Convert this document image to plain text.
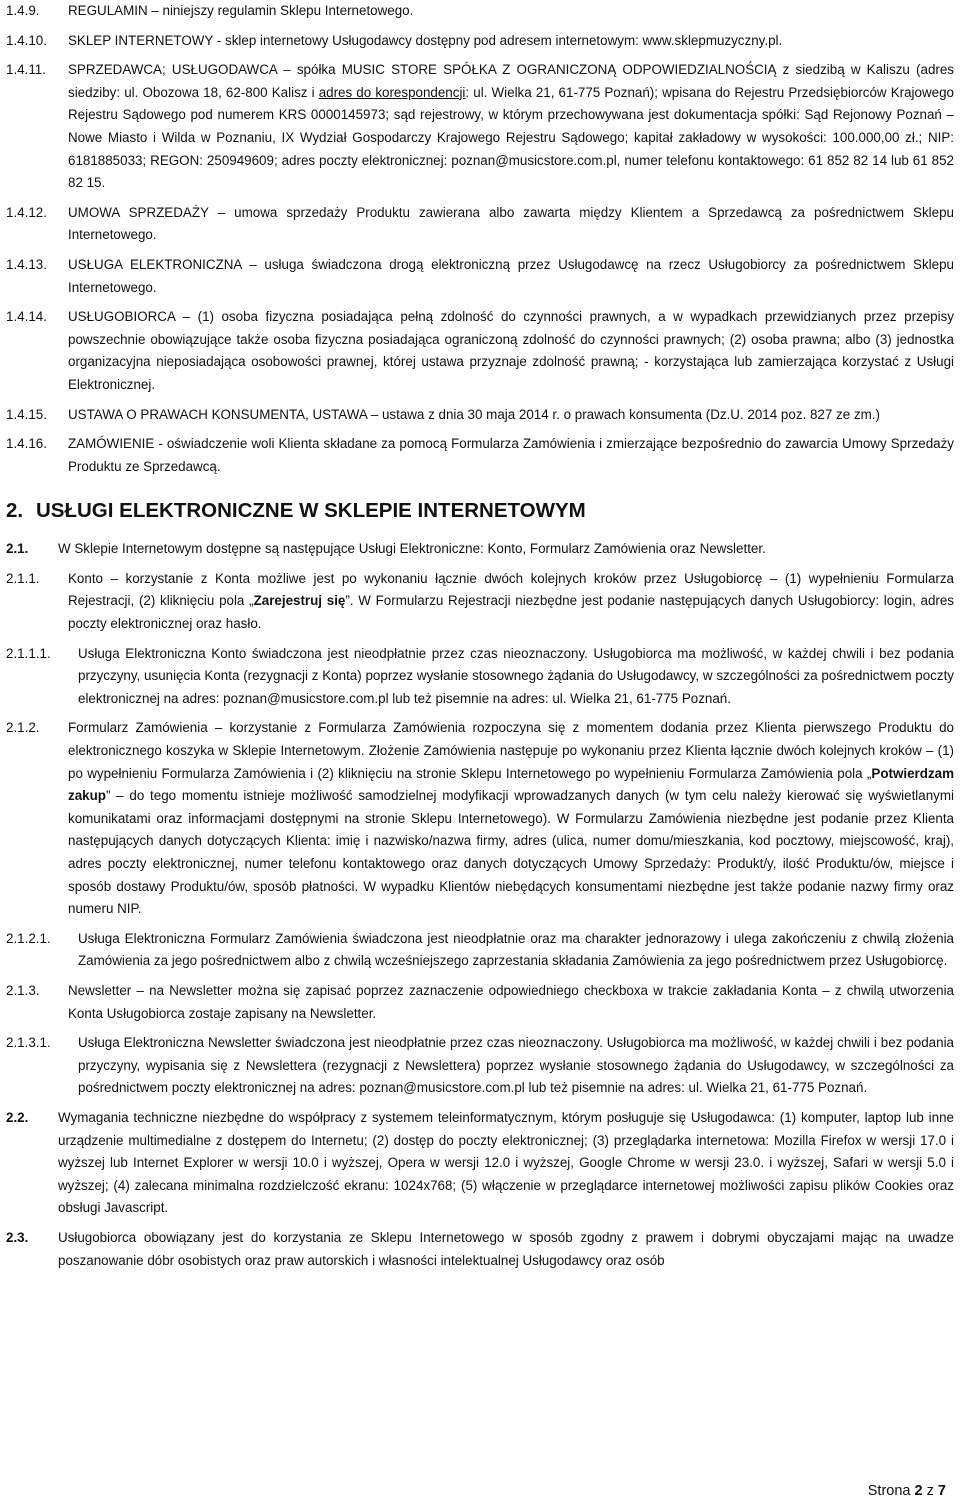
1.4.9.	REGULAMIN – niniejszy regulamin Sklepu Internetowego.
1.4.10.	SKLEP INTERNETOWY - sklep internetowy Usługodawcy dostępny pod adresem internetowym: www.sklepmuzyczny.pl.
1.4.11.	SPRZEDAWCA; USŁUGODAWCA – spółka MUSIC STORE SPÓŁKA Z OGRANICZONĄ ODPOWIEDZIALNOŚCIĄ z siedzibą w Kaliszu (adres siedziby: ul. Obozowa 18, 62-800 Kalisz i adres do korespondencji: ul. Wielka 21, 61-775 Poznań); wpisana do Rejestru Przedsiębiorców Krajowego Rejestru Sądowego pod numerem KRS 0000145973; sąd rejestrowy, w którym przechowywana jest dokumentacja spółki: Sąd Rejonowy Poznań – Nowe Miasto i Wilda w Poznaniu, IX Wydział Gospodarczy Krajowego Rejestru Sądowego; kapitał zakładowy w wysokości: 100.000,00 zł.; NIP: 6181885033; REGON: 250949609; adres poczty elektronicznej: poznan@musicstore.com.pl, numer telefonu kontaktowego: 61 852 82 14 lub 61 852 82 15.
1.4.12.	UMOWA SPRZEDAŻY – umowa sprzedaży Produktu zawierana albo zawarta między Klientem a Sprzedawcą za pośrednictwem Sklepu Internetowego.
1.4.13.	USŁUGA ELEKTRONICZNA – usługa świadczona drogą elektroniczną przez Usługodawcę na rzecz Usługobiorcy za pośrednictwem Sklepu Internetowego.
1.4.14.	USŁUGOBIORCA – (1) osoba fizyczna posiadająca pełną zdolność do czynności prawnych, a w wypadkach przewidzianych przez przepisy powszechnie obowiązujące także osoba fizyczna posiadająca ograniczoną zdolność do czynności prawnych; (2) osoba prawna; albo (3) jednostka organizacyjna nieposiadająca osobowości prawnej, której ustawa przyznaje zdolność prawną; - korzystająca lub zamierzająca korzystać z Usługi Elektronicznej.
1.4.15.	USTAWA O PRAWACH KONSUMENTA, USTAWA – ustawa z dnia 30 maja 2014 r. o prawach konsumenta (Dz.U. 2014 poz. 827 ze zm.)
1.4.16.	ZAMÓWIENIE - oświadczenie woli Klienta składane za pomocą Formularza Zamówienia i zmierzające bezpośrednio do zawarcia Umowy Sprzedaży Produktu ze Sprzedawcą.
2. USŁUGI ELEKTRONICZNE W SKLEPIE INTERNETOWYM
2.1.	W Sklepie Internetowym dostępne są następujące Usługi Elektroniczne: Konto, Formularz Zamówienia oraz Newsletter.
2.1.1.	Konto – korzystanie z Konta możliwe jest po wykonaniu łącznie dwóch kolejnych kroków przez Usługobiorcę – (1) wypełnieniu Formularza Rejestracji, (2) kliknięciu pola „Zarejestruj się”. W Formularzu Rejestracji niezbędne jest podanie następujących danych Usługobiorcy: login, adres poczty elektronicznej oraz hasło.
2.1.1.1.	Usługa Elektroniczna Konto świadczona jest nieodpłatnie przez czas nieoznaczony. Usługobiorca ma możliwość, w każdej chwili i bez podania przyczyny, usunięcia Konta (rezygnacji z Konta) poprzez wysłanie stosownego żądania do Usługodawcy, w szczególności za pośrednictwem poczty elektronicznej na adres: poznan@musicstore.com.pl lub też pisemnie na adres: ul. Wielka 21, 61-775 Poznań.
2.1.2.	Formularz Zamówienia – korzystanie z Formularza Zamówienia rozpoczyna się z momentem dodania przez Klienta pierwszego Produktu do elektronicznego koszyka w Sklepie Internetowym. Złożenie Zamówienia następuje po wykonaniu przez Klienta łącznie dwóch kolejnych kroków – (1) po wypełnieniu Formularza Zamówienia i (2) kliknięciu na stronie Sklepu Internetowego po wypełnieniu Formularza Zamówienia pola „Potwierdzam zakup” – do tego momentu istnieje możliwość samodzielnej modyfikacji wprowadzanych danych (w tym celu należy kierować się wyświetlanymi komunikatami oraz informacjami dostępnymi na stronie Sklepu Internetowego). W Formularzu Zamówienia niezbędne jest podanie przez Klienta następujących danych dotyczących Klienta: imię i nazwisko/nazwa firmy, adres (ulica, numer domu/mieszkania, kod pocztowy, miejscowość, kraj), adres poczty elektronicznej, numer telefonu kontaktowego oraz danych dotyczących Umowy Sprzedaży: Produkt/y, ilość Produktu/ów, miejsce i sposób dostawy Produktu/ów, sposób płatności. W wypadku Klientów niebędących konsumentami niezbędne jest także podanie nazwy firmy oraz numeru NIP.
2.1.2.1.	Usługa Elektroniczna Formularz Zamówienia świadczona jest nieodpłatnie oraz ma charakter jednorazowy i ulega zakończeniu z chwilą złożenia Zamówienia za jego pośrednictwem albo z chwilą wcześniejszego zaprzestania składania Zamówienia za jego pośrednictwem przez Usługobiorcę.
2.1.3.	Newsletter – na Newsletter można się zapisać poprzez zaznaczenie odpowiedniego checkboxa w trakcie zakładania Konta – z chwilą utworzenia Konta Usługobiorca zostaje zapisany na Newsletter.
2.1.3.1.	Usługa Elektroniczna Newsletter świadczona jest nieodpłatnie przez czas nieoznaczony. Usługobiorca ma możliwość, w każdej chwili i bez podania przyczyny, wypisania się z Newslettera (rezygnacji z Newslettera) poprzez wysłanie stosownego żądania do Usługodawcy, w szczególności za pośrednictwem poczty elektronicznej na adres: poznan@musicstore.com.pl lub też pisemnie na adres: ul. Wielka 21, 61-775 Poznań.
2.2.	Wymagania techniczne niezbędne do współpracy z systemem teleinformatycznym, którym posługuje się Usługodawca: (1) komputer, laptop lub inne urządzenie multimedialne z dostępem do Internetu; (2) dostęp do poczty elektronicznej; (3) przeglądarka internetowa: Mozilla Firefox w wersji 17.0 i wyższej lub Internet Explorer w wersji 10.0 i wyższej, Opera w wersji 12.0 i wyższej, Google Chrome w wersji 23.0. i wyższej, Safari w wersji 5.0 i wyższej; (4) zalecana minimalna rozdzielczość ekranu: 1024x768; (5) włączenie w przeglądarce internetowej możliwości zapisu plików Cookies oraz obsługi Javascript.
2.3.	Usługobiorca obowiązany jest do korzystania ze Sklepu Internetowego w sposób zgodny z prawem i dobrymi obyczajami mając na uwadze poszanowanie dóbr osobistych oraz praw autorskich i własności intelektualnej Usługodawcy oraz osób
Strona 2 z 7
